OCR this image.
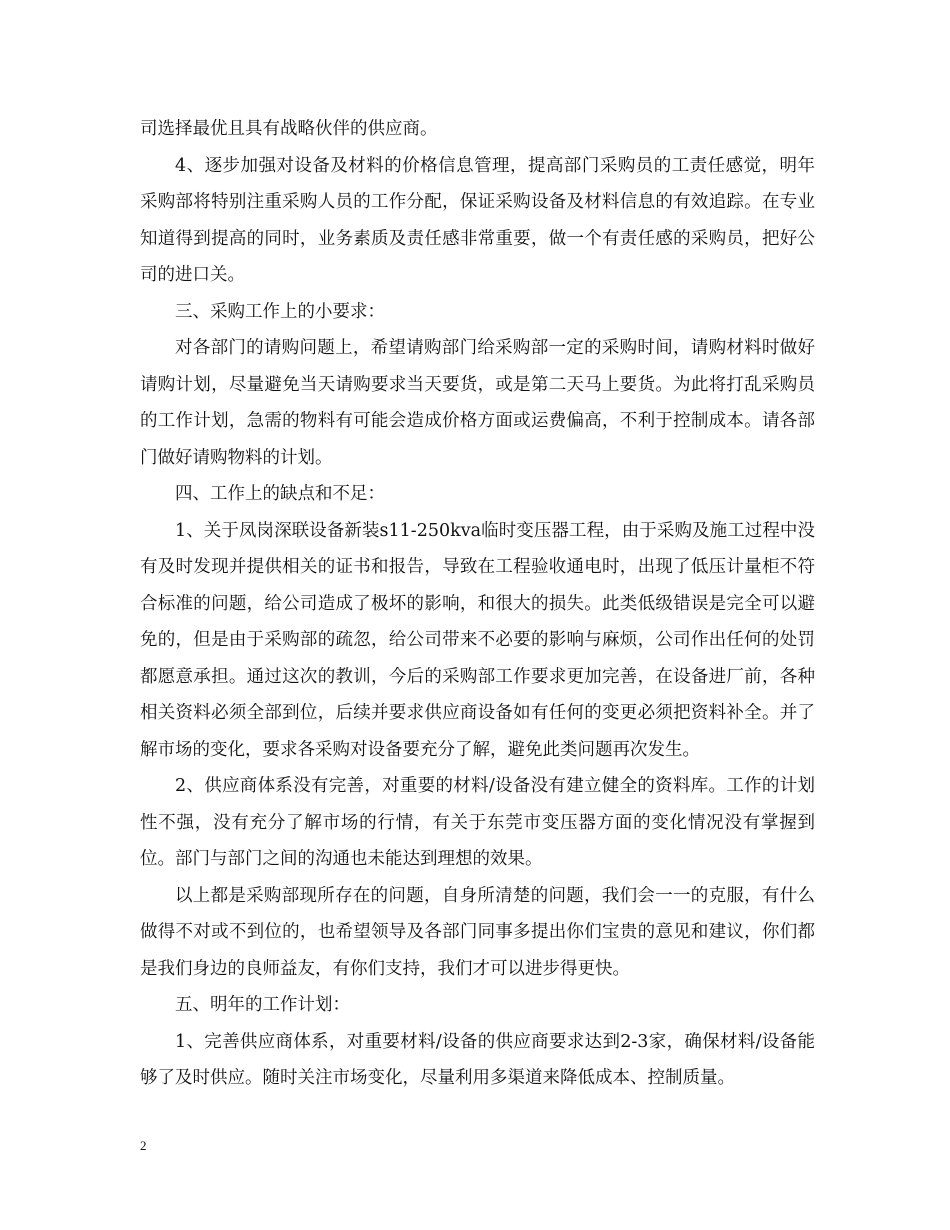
司选择最优且具有战略伙伴的供应商。

4、逐步加强对设备及材料的价格信息管理，提高部门采购员的工责任感觉，明年采购部将特别注重采购人员的工作分配，保证采购设备及材料信息的有效追踪。在专业知道得到提高的同时，业务素质及责任感非常重要，做一个有责任感的采购员，把好公司的进口关。

三、采购工作上的小要求：

对各部门的请购问题上，希望请购部门给采购部一定的采购时间，请购材料时做好请购计划，尽量避免当天请购要求当天要货，或是第二天马上要货。为此将打乱采购员的工作计划，急需的物料有可能会造成价格方面或运费偏高，不利于控制成本。请各部门做好请购物料的计划。

四、工作上的缺点和不足：

1、关于凤岗深联设备新装s11-250kva临时变压器工程，由于采购及施工过程中没有及时发现并提供相关的证书和报告，导致在工程验收通电时，出现了低压计量柜不符合标准的问题，给公司造成了极坏的影响，和很大的损失。此类低级错误是完全可以避免的，但是由于采购部的疏忽，给公司带来不必要的影响与麻烦，公司作出任何的处罚都愿意承担。通过这次的教训，今后的采购部工作要求更加完善，在设备进厂前，各种相关资料必须全部到位，后续并要求供应商设备如有任何的变更必须把资料补全。并了解市场的变化，要求各采购对设备要充分了解，避免此类问题再次发生。

2、供应商体系没有完善，对重要的材料/设备没有建立健全的资料库。工作的计划性不强，没有充分了解市场的行情，有关于东莞市变压器方面的变化情况没有掌握到位。部门与部门之间的沟通也未能达到理想的效果。

以上都是采购部现所存在的问题，自身所清楚的问题，我们会一一的克服，有什么做得不对或不到位的，也希望领导及各部门同事多提出你们宝贵的意见和建议，你们都是我们身边的良师益友，有你们支持，我们才可以进步得更快。

五、明年的工作计划：

1、完善供应商体系，对重要材料/设备的供应商要求达到2-3家，确保材料/设备能够了及时供应。随时关注市场变化，尽量利用多渠道来降低成本、控制质量。

2
